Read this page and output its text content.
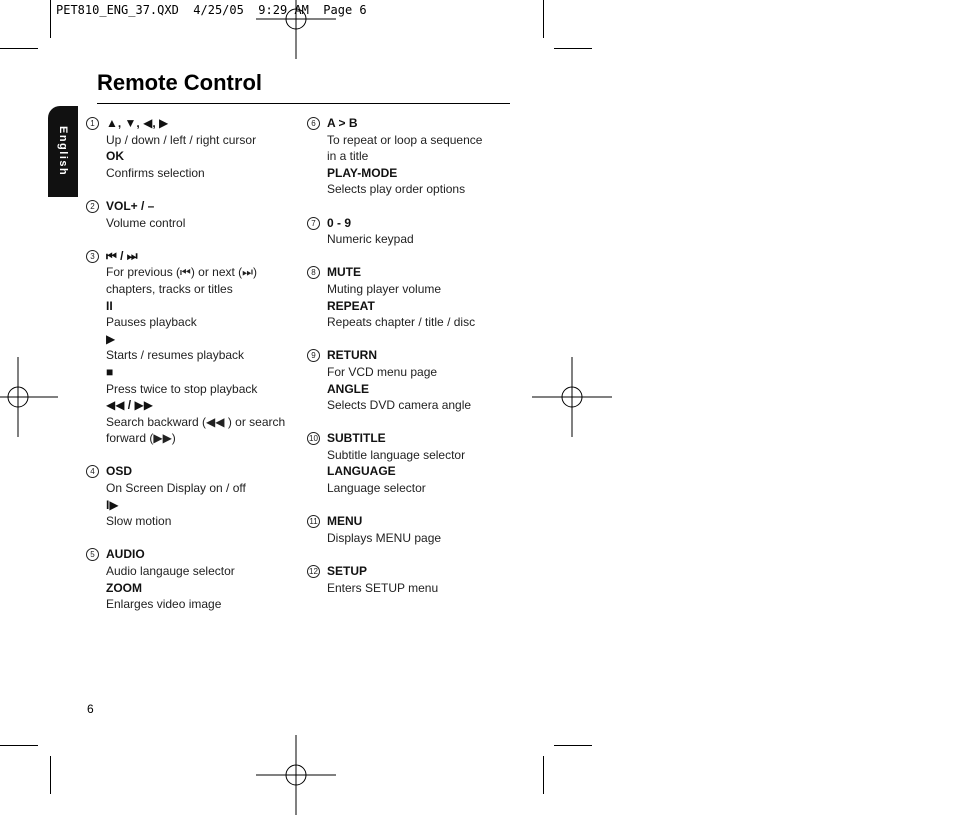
PET810_ENG_37.QXD  4/25/05  9:29 AM  Page 6
English
Remote Control
1 ▲, ▼, ◀, ▶
Up / down / left / right cursor
OK
Confirms selection
2 VOL+ / –
Volume control
3 ⏮ / ⏭
For previous (⏮) or next (⏭)
chapters, tracks or titles
II
Pauses playback
▶
Starts / resumes playback
■
Press twice to stop playback
◀◀ / ▶▶
Search backward (◀◀ ) or search
forward (▶▶)
4 OSD
On Screen Display on / off
I▶
Slow motion
5 AUDIO
Audio langauge selector
ZOOM
Enlarges video image
6 A > B
To repeat or loop a sequence
in a title
PLAY-MODE
Selects play order options
7 0 - 9
Numeric keypad
8 MUTE
Muting player volume
REPEAT
Repeats chapter / title / disc
9 RETURN
For VCD menu page
ANGLE
Selects DVD camera angle
10 SUBTITLE
Subtitle language selector
LANGUAGE
Language selector
11 MENU
Displays MENU page
12 SETUP
Enters SETUP menu
6
